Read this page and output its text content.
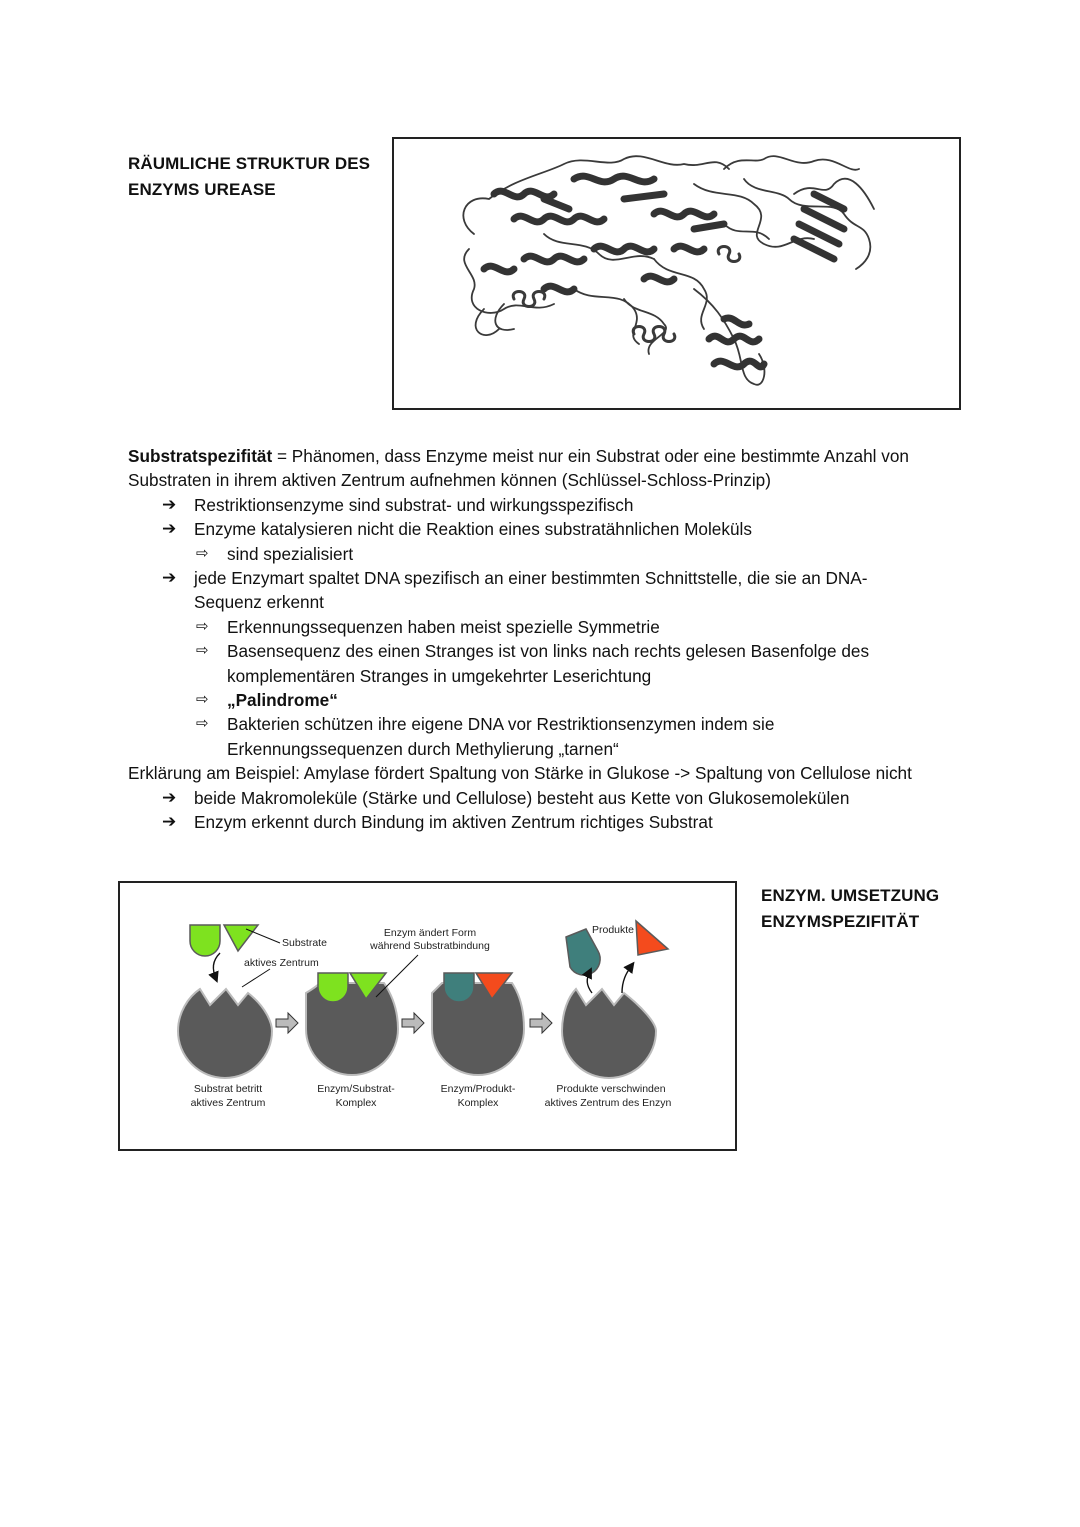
RÄUMLICHE STRUKTUR DES
ENZYMS UREASE
Substratspezifität = Phänomen, dass Enzyme meist nur ein Substrat oder eine bestimmte Anzahl von
Substraten in ihrem aktiven Zentrum aufnehmen können (Schlüssel-Schloss-Prinzip)
➔ Restriktionsenzyme sind substrat- und wirkungsspezifisch
➔ Enzyme katalysieren nicht die Reaktion eines substratähnlichen Moleküls
⇨ sind spezialisiert
➔ jede Enzymart spaltet DNA spezifisch an einer bestimmten Schnittstelle, die sie an DNA-
Sequenz erkennt
⇨ Erkennungssequenzen haben meist spezielle Symmetrie
⇨ Basensequenz des einen Stranges ist von links nach rechts gelesen Basenfolge des
komplementären Stranges in umgekehrter Leserichtung
⇨ „Palindrome“
⇨ Bakterien schützen ihre eigene DNA vor Restriktionsenzymen indem sie
Erkennungssequenzen durch Methylierung „tarnen“
Erklärung am Beispiel: Amylase fördert Spaltung von Stärke in Glukose -> Spaltung von Cellulose nicht
➔ beide Makromoleküle (Stärke und Cellulose) besteht aus Kette von Glukosemolekülen
➔ Enzym erkennt durch Bindung im aktiven Zentrum richtiges Substrat
ENZYM. UMSETZUNG
ENZYMSPEZIFITÄT
Substrate
aktives Zentrum
Substrat betritt
aktives Zentrum
Enzym ändert Form
während Substratbindung
Enzym/Substrat-
Komplex
Enzym/Produkt-
Komplex
Produkte
Produkte verschwinden
aktives Zentrum des Enzyn
